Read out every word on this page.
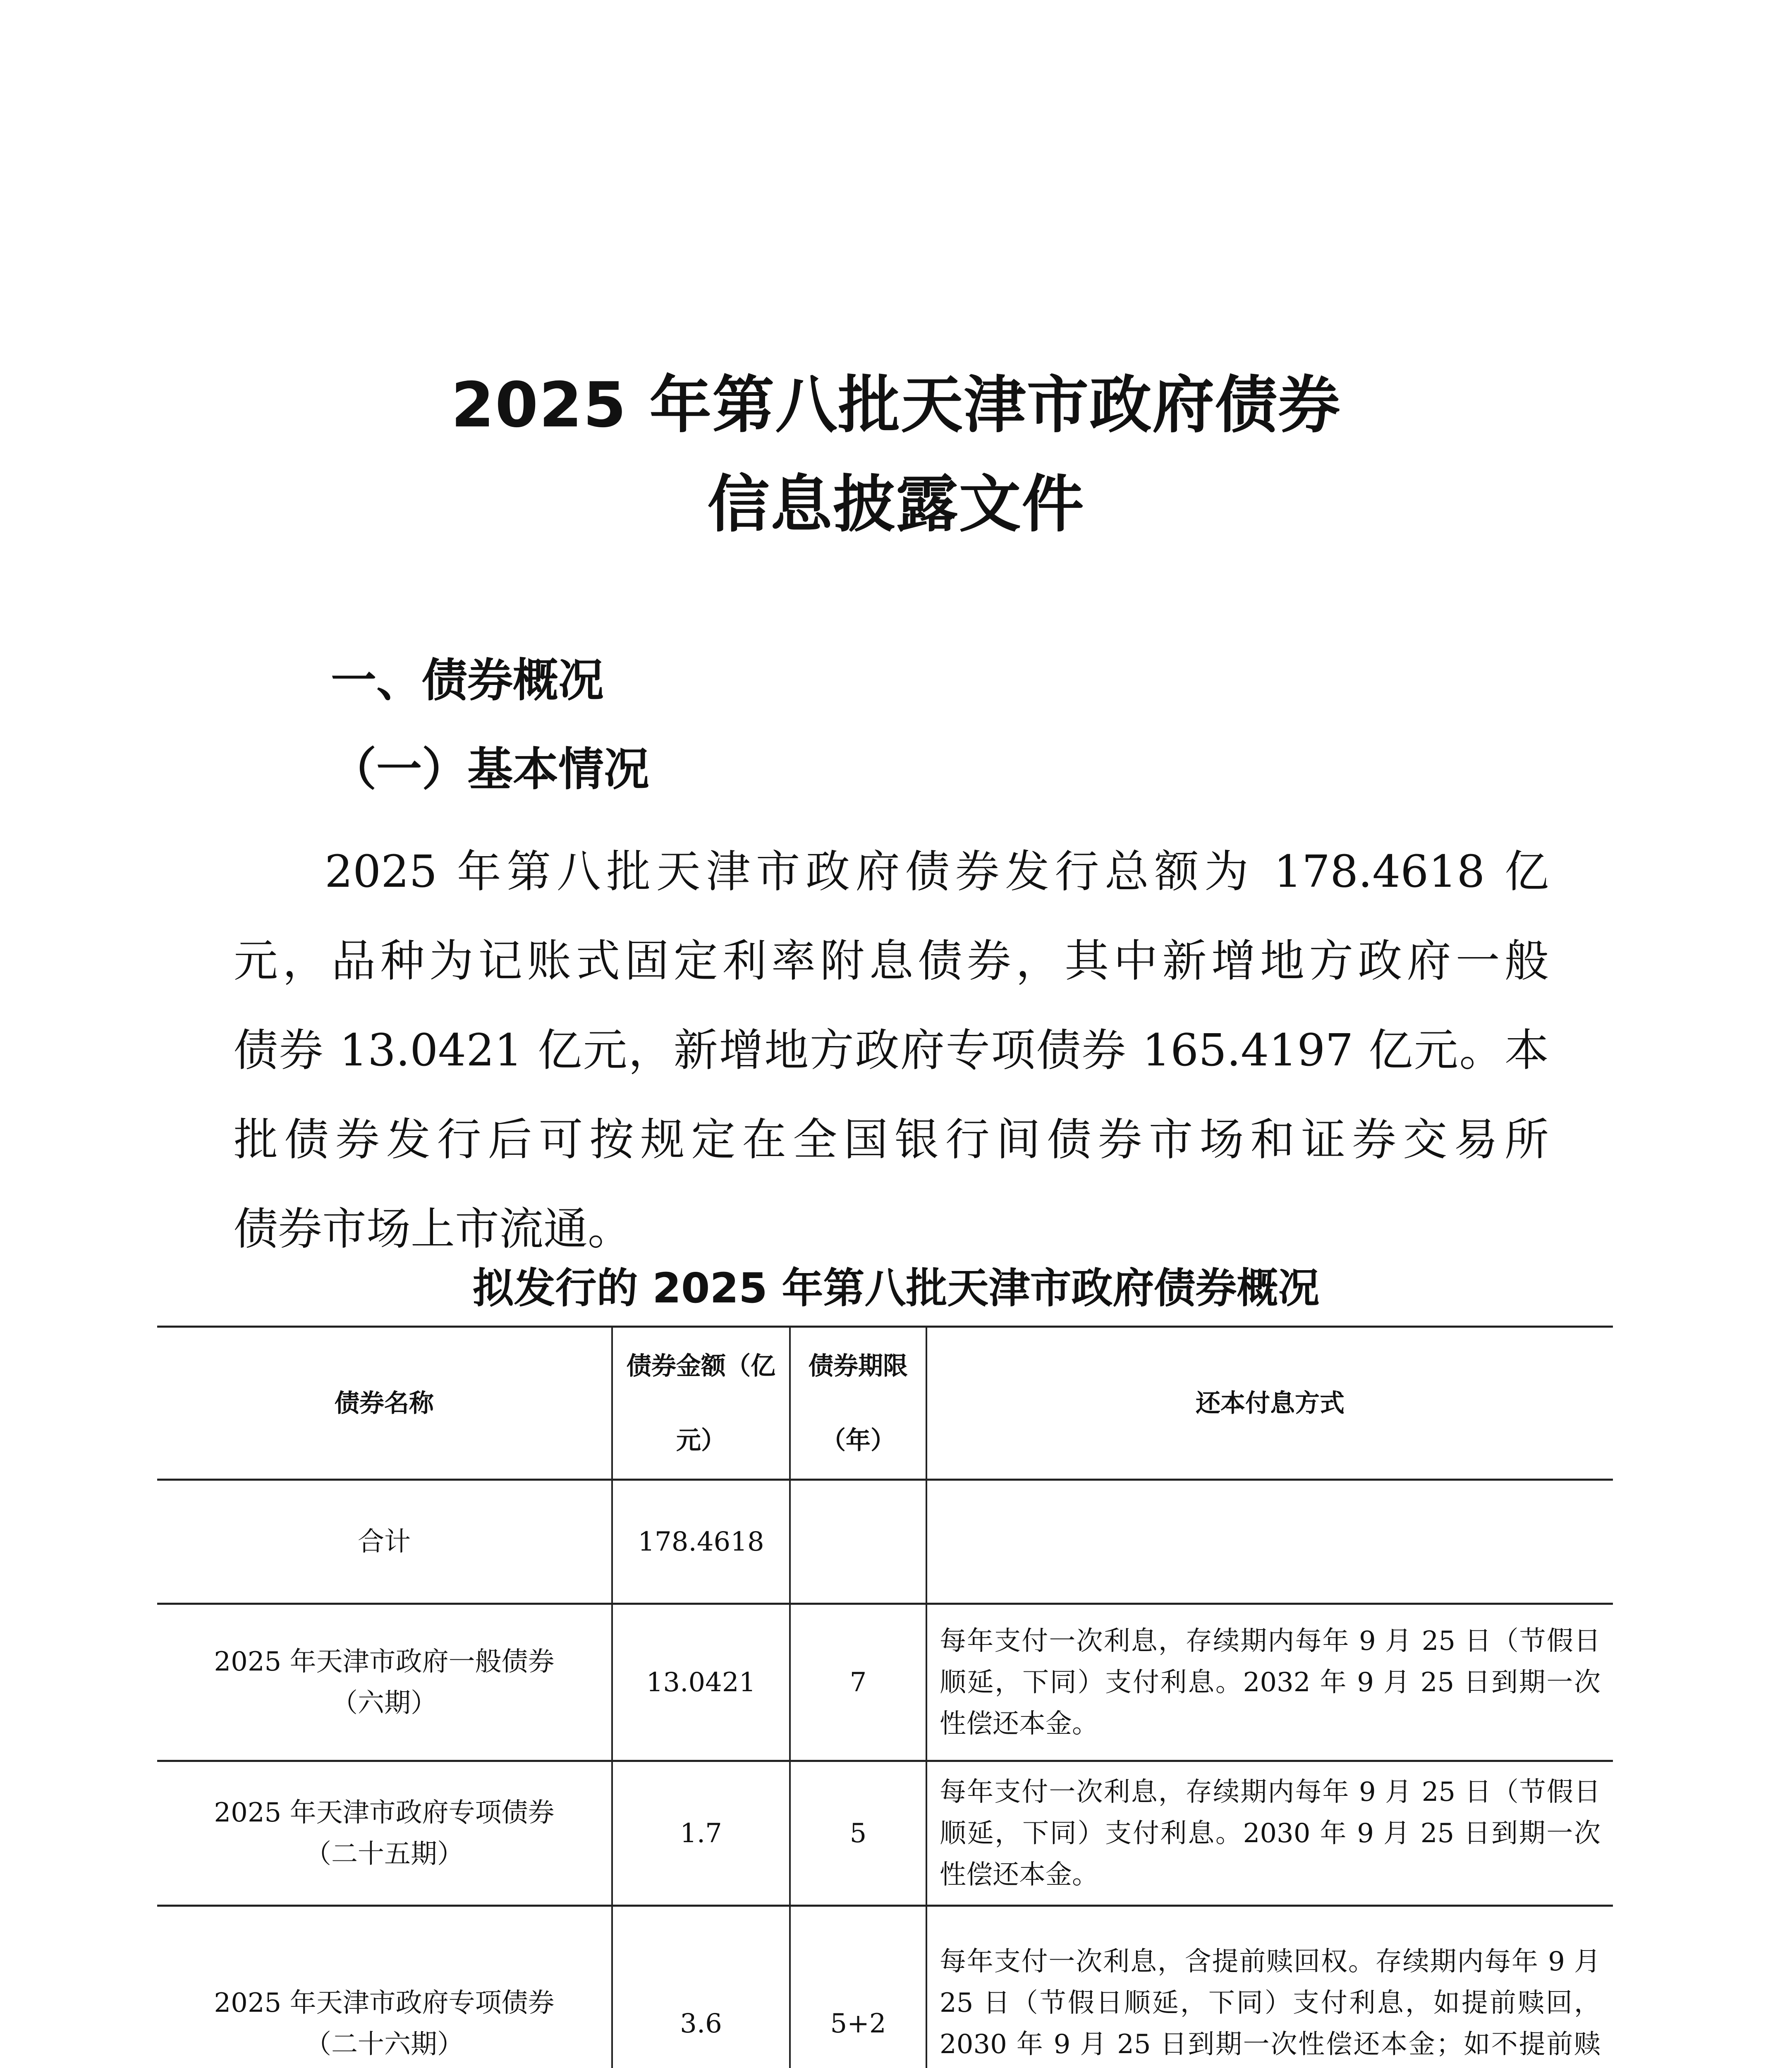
2025 年第八批天津市政府债券
信息披露文件
一、债券概况
（一）基本情况
2025 年第八批天津市政府债券发行总额为 178.4618 亿
元，品种为记账式固定利率附息债券，其中新增地方政府一般
债券 13.0421 亿元，新增地方政府专项债券 165.4197 亿元。本
批债券发行后可按规定在全国银行间债券市场和证券交易所
债券市场上市流通。
拟发行的 2025 年第八批天津市政府债券概况
债券名称	债券金额（亿元）	债券期限（年）	还本付息方式
合计	178.4618		

2025 年天津市政府一般债券
（六期）	13.0421	7	每年支付一次利息，存续期内每年 9 月 25 日（节假日顺延，下同）支付利息。2032 年 9 月 25 日到期一次性偿还本金。

2025 年天津市政府专项债券
（二十五期）	1.7	5	每年支付一次利息，存续期内每年 9 月 25 日（节假日顺延，下同）支付利息。2030 年 9 月 25 日到期一次性偿还本金。

2025 年天津市政府专项债券
（二十六期）	3.6	5+2	每年支付一次利息，含提前赎回权。存续期内每年 9 月 25 日（节假日顺延，下同）支付利息，如提前赎回，2030 年 9 月 25 日到期一次性偿还本金；如不提前赎
